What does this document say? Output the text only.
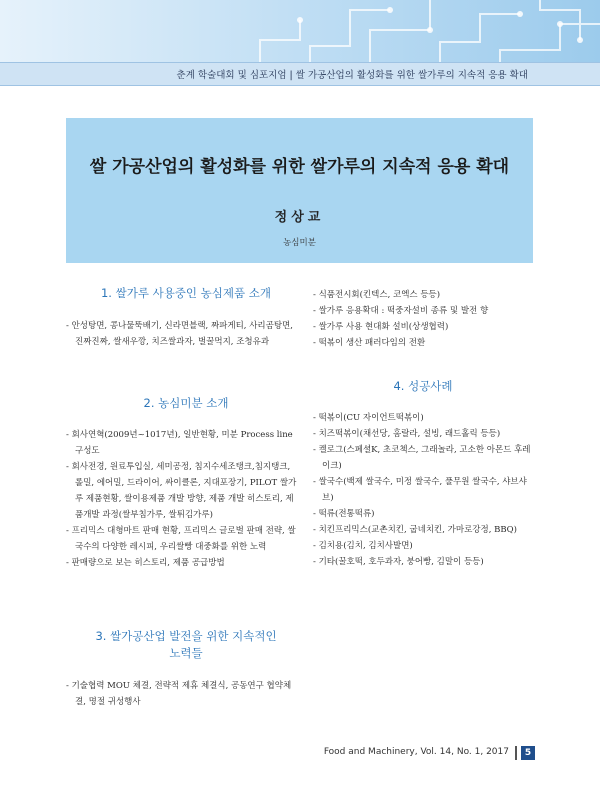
춘계 학술대회 및 심포지엄 | 쌀 가공산업의 활성화를 위한 쌀가루의 지속적 응용 확대
쌀 가공산업의 활성화를 위한 쌀가루의 지속적 응용 확대
정상교
농심미분
1. 쌀가루 사용중인 농심제품 소개
- 안성탕면, 콩나물뚝배기, 신라면블랙, 짜파게티, 사리곰탕면, 진짜진짜, 쌀새우깡, 치즈쌀과자, 벌꿀먹지, 조청유과
2. 농심미분 소개
- 회사연혁(2009년~1017년), 일반현황, 미분 Process line 구성도
- 회사전경, 원료투입실, 세미공정, 침지수세조탱크,침지탱크, 롤밀, 에어밀, 드라이어, 싸이클론, 지대포장기, PILOT 쌀가루 제품현황, 쌀이용제품 개발 방향, 제품 개발 히스토리, 제품개발 과정(쌀부침가루, 쌀튀김가루)
- 프리믹스 대형마트 판매 현황, 프리믹스 글로벌 판매 전략, 쌀국수의 다양한 레시피, 우리쌀빵 대중화를 위한 노력
- 판매량으로 보는 히스토리, 제품 공급방법
3. 쌀가공산업 발전을 위한 지속적인
노력들
- 기술협력 MOU 체결, 전략적 제휴 체결식, 공동연구 협약체결, 명절 귀성행사
- 식품전시회(킨텍스, 코엑스 등등)
- 쌀가루 응용확대 : 떡중자설비 종류 및 발전 향
- 쌀가루 사용 현대화 설비(상생협력)
- 떡볶이 생산 패러다임의 전환
4. 성공사례
- 떡볶이(CU 자이언트떡볶이)
- 치즈떡볶이(채선당, 홈랄라, 설빙, 래드홀릭 등등)
- 켈로그(스페셜K, 초코첵스, 그래놀라, 고소한 아몬드 후레이크)
- 쌀국수(백제 쌀국수, 미정 쌀국수, 풀무원 쌀국수, 샤브샤브)
- 떡류(전통떡류)
- 치킨프리믹스(교촌치킨, 굽네치킨, 가마로강정, BBQ)
- 김치용(김치, 김치사발면)
- 기타(꿀호떡, 호두과자, 붕어빵, 김말이 등등)
Food and Machinery, Vol. 14, No. 1, 2017	5
